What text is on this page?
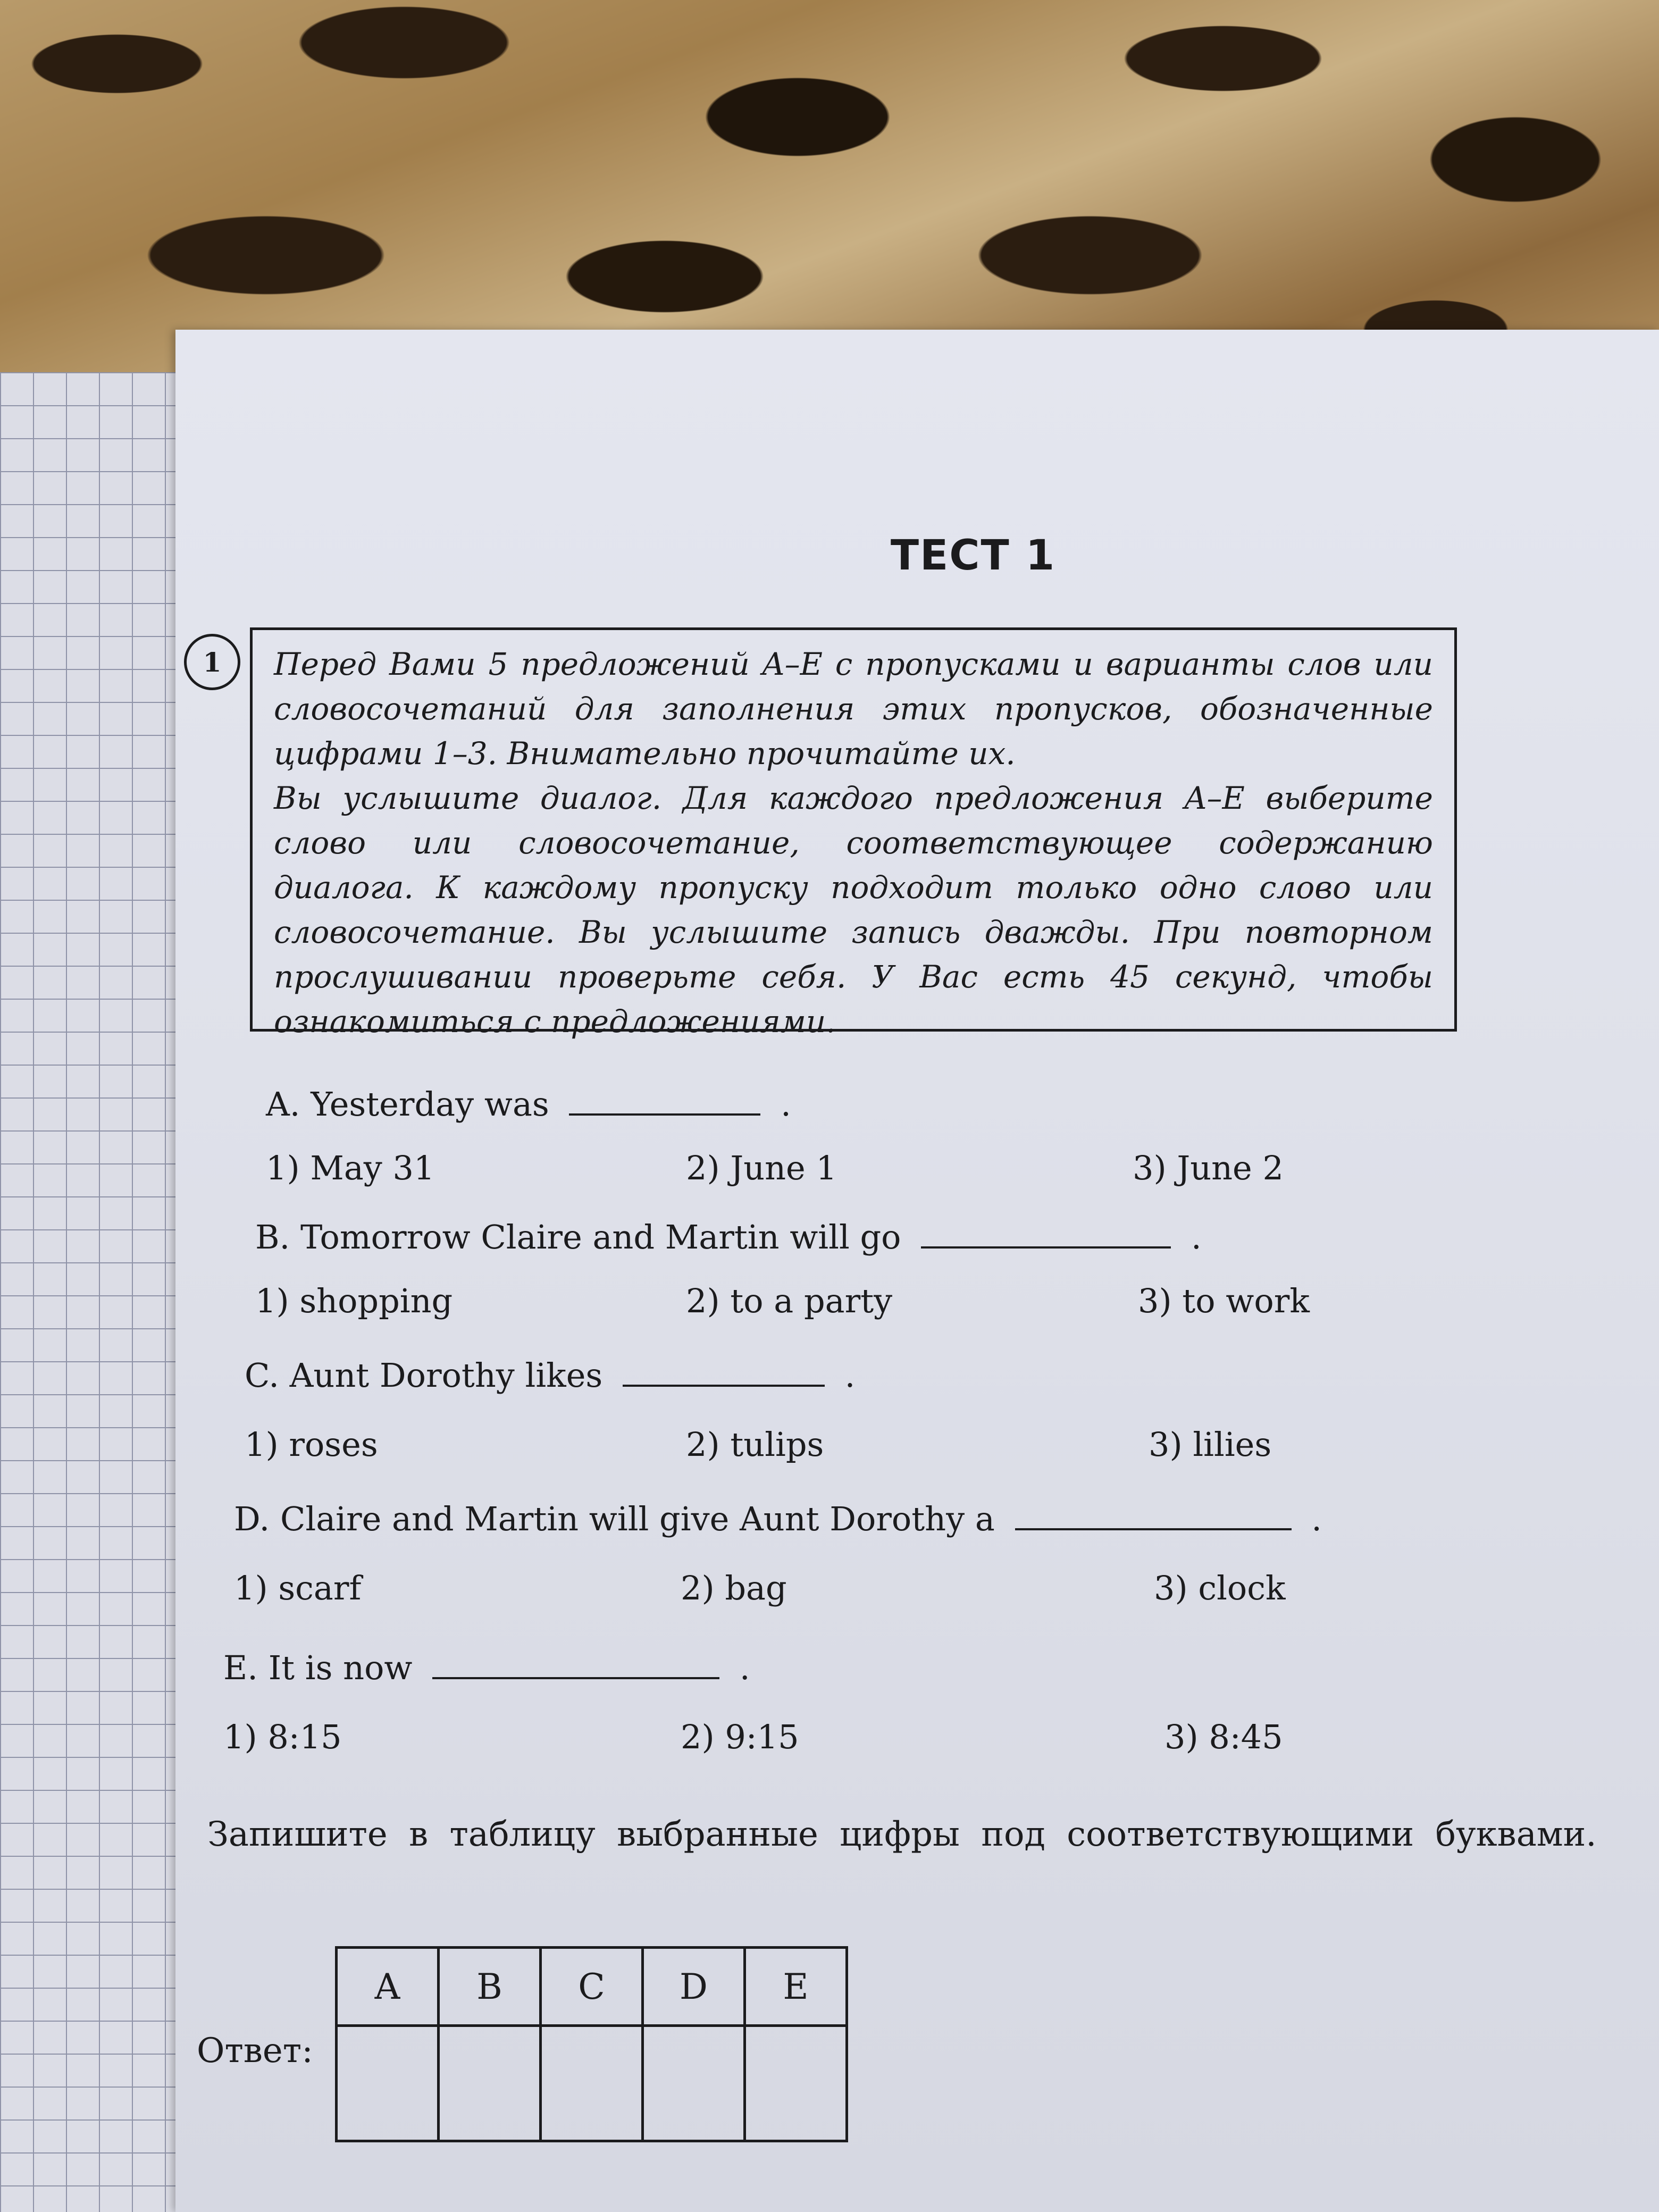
ТЕСТ 1
1	Перед Вами 5 предложений A–E с пропусками и варианты слов или словосочетаний для заполнения этих пропусков, обозначенные цифрами 1–3. Внимательно прочитайте их.

Вы услышите диалог. Для каждого предложения A–E выберите слово или словосочетание, соответствующее содержанию диалога. К каждому пропуску подходит только одно слово или словосочетание. Вы услышите запись дважды. При повторном прослушивании проверьте себя. У Вас есть 45 секунд, чтобы ознакомиться с предложениями.

A. Yesterday was	.
1) May 31	2) June 1	3) June 2
B. Tomorrow Claire and Martin will go	.
1) shopping	2) to a party	3) to work
C. Aunt Dorothy likes	.
1) roses	2) tulips	3) lilies
D. Claire and Martin will give Aunt Dorothy a	.
1) scarf	2) bag	3) clock
E. It is now	.
1) 8:15	2) 9:15	3) 8:45
Запишите в таблицу выбранные цифры под соответствующими буквами.
Ответ:
A	B	C	D	E
